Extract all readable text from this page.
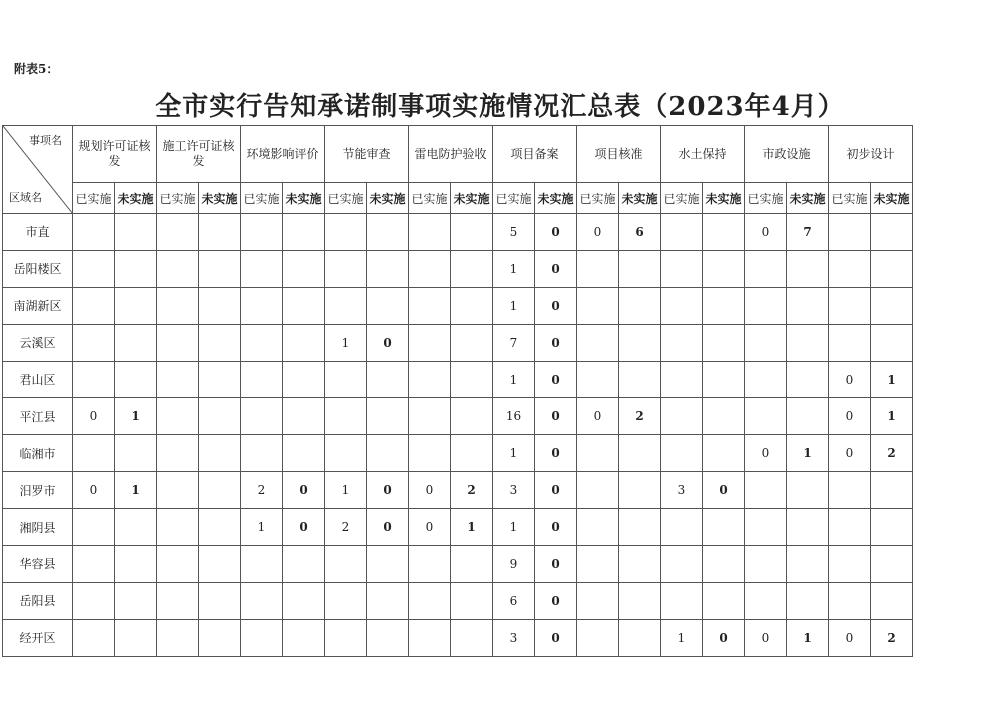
附表5：
全市实行告知承诺制事项实施情况汇总表（2023年4月）
事项名
区域名	规划许可证核发		施工许可证核发		环境影响评价		节能审查		雷电防护验收		项目备案		项目核准		水土保持		市政设施		初步设计	
	已实施	未实施	已实施	未实施	已实施	未实施	已实施	未实施	已实施	未实施	已实施	未实施	已实施	未实施	已实施	未实施	已实施	未实施	已实施	未实施
市直											5	0	0	6			0	7		
岳阳楼区											1	0								
南湖新区											1	0								
云溪区							1	0			7	0								
君山区											1	0							0	1
平江县	0	1									16	0	0	2					0	1
临湘市											1	0					0	1	0	2
汨罗市	0	1			2	0	1	0	0	2	3	0			3	0				
湘阴县					1	0	2	0	0	1	1	0								
华容县											9	0								
岳阳县											6	0								
经开区											3	0			1	0	0	1	0	2
